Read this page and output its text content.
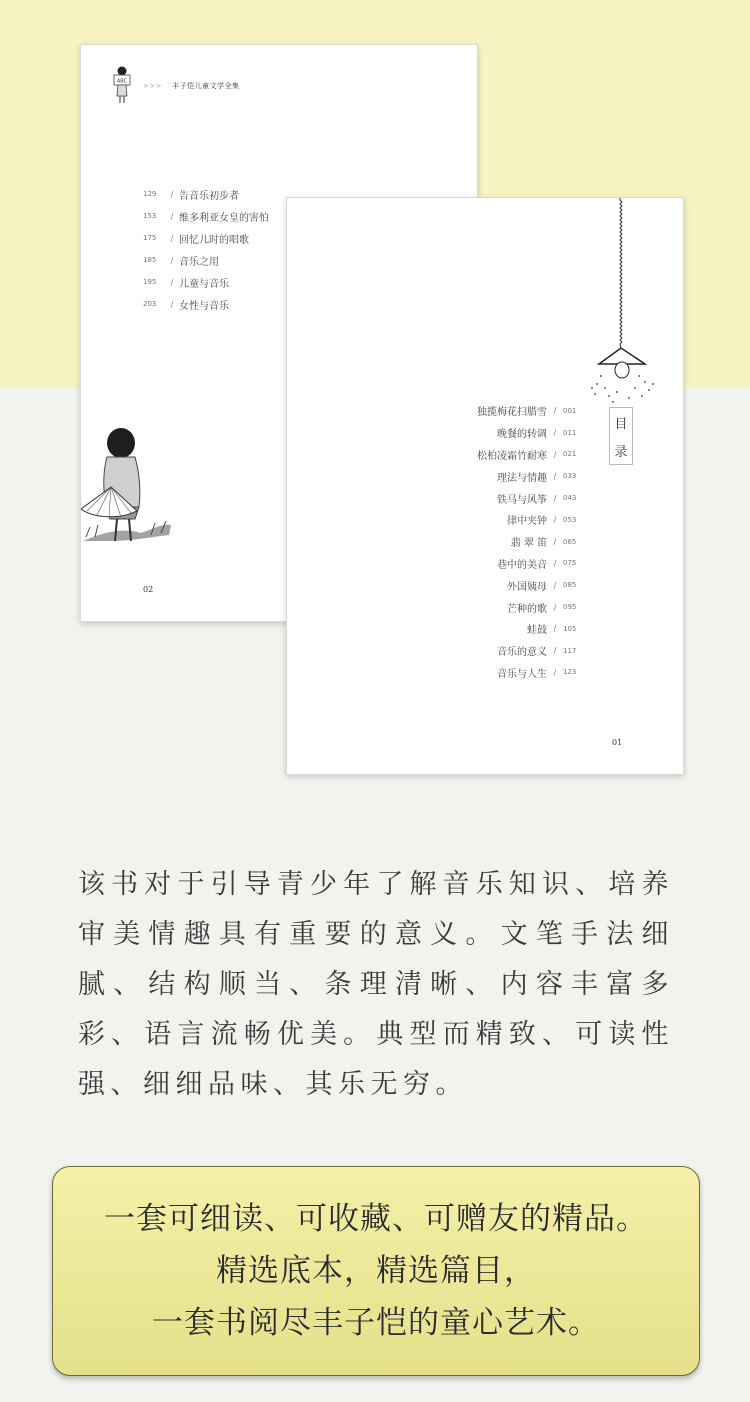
ABC
>>> 丰子恺儿童文学全集
129	/ 告音乐初步者
153	/ 维多利亚女皇的害怕
175	/ 回忆儿时的唱歌
185	/ 音乐之用
195	/ 儿童与音乐
203	/ 女性与音乐
02
目
录
独揽梅花扫腊雪 / 001
晚餐的转调 / 011
松柏凌霜竹耐寒 / 021
理法与情趣 / 033
铁马与风筝 / 043
律中夹钟 / 053
翡 翠 笛 / 065
巷中的美音 / 075
外国姨母 / 085
芒种的歌 / 095
蛙鼓 / 105
音乐的意义 / 117
音乐与人生 / 123
01

该书对于引导青少年了解音乐知识、培养审美情趣具有重要的意义。文笔手法细腻、结构顺当、条理清晰、内容丰富多彩、语言流畅优美。典型而精致、可读性强、细细品味、其乐无穷。

一套可细读、可收藏、可赠友的精品。
精选底本，精选篇目，
一套书阅尽丰子恺的童心艺术。
